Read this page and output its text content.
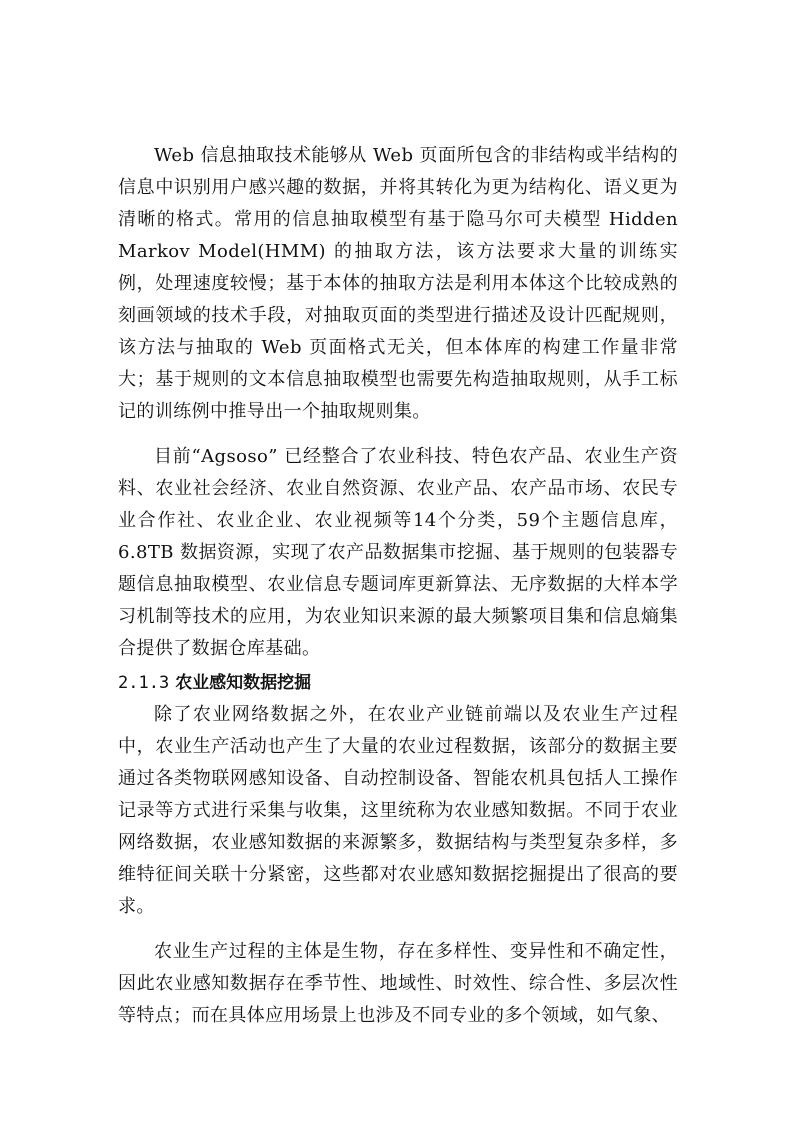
Web 信息抽取技术能够从 Web 页面所包含的非结构或半结构的信息中识别用户感兴趣的数据，并将其转化为更为结构化、语义更为清晰的格式。常用的信息抽取模型有基于隐马尔可夫模型 Hidden Markov Model(HMM) 的抽取方法，该方法要求大量的训练实例，处理速度较慢；基于本体的抽取方法是利用本体这个比较成熟的刻画领域的技术手段，对抽取页面的类型进行描述及设计匹配规则，该方法与抽取的 Web 页面格式无关，但本体库的构建工作量非常大；基于规则的文本信息抽取模型也需要先构造抽取规则，从手工标记的训练例中推导出一个抽取规则集。

目前“Agsoso” 已经整合了农业科技、特色农产品、农业生产资料、农业社会经济、农业自然资源、农业产品、农产品市场、农民专业合作社、农业企业、农业视频等14个分类，59个主题信息库，6.8TB 数据资源，实现了农产品数据集市挖掘、基于规则的包装器专题信息抽取模型、农业信息专题词库更新算法、无序数据的大样本学习机制等技术的应用，为农业知识来源的最大频繁项目集和信息熵集合提供了数据仓库基础。

2.1.3 农业感知数据挖掘

除了农业网络数据之外，在农业产业链前端以及农业生产过程中，农业生产活动也产生了大量的农业过程数据，该部分的数据主要通过各类物联网感知设备、自动控制设备、智能农机具包括人工操作记录等方式进行采集与收集，这里统称为农业感知数据。不同于农业网络数据，农业感知数据的来源繁多，数据结构与类型复杂多样，多维特征间关联十分紧密，这些都对农业感知数据挖掘提出了很高的要求。

农业生产过程的主体是生物，存在多样性、变异性和不确定性，因此农业感知数据存在季节性、地域性、时效性、综合性、多层次性等特点；而在具体应用场景上也涉及不同专业的多个领域，如气象、
